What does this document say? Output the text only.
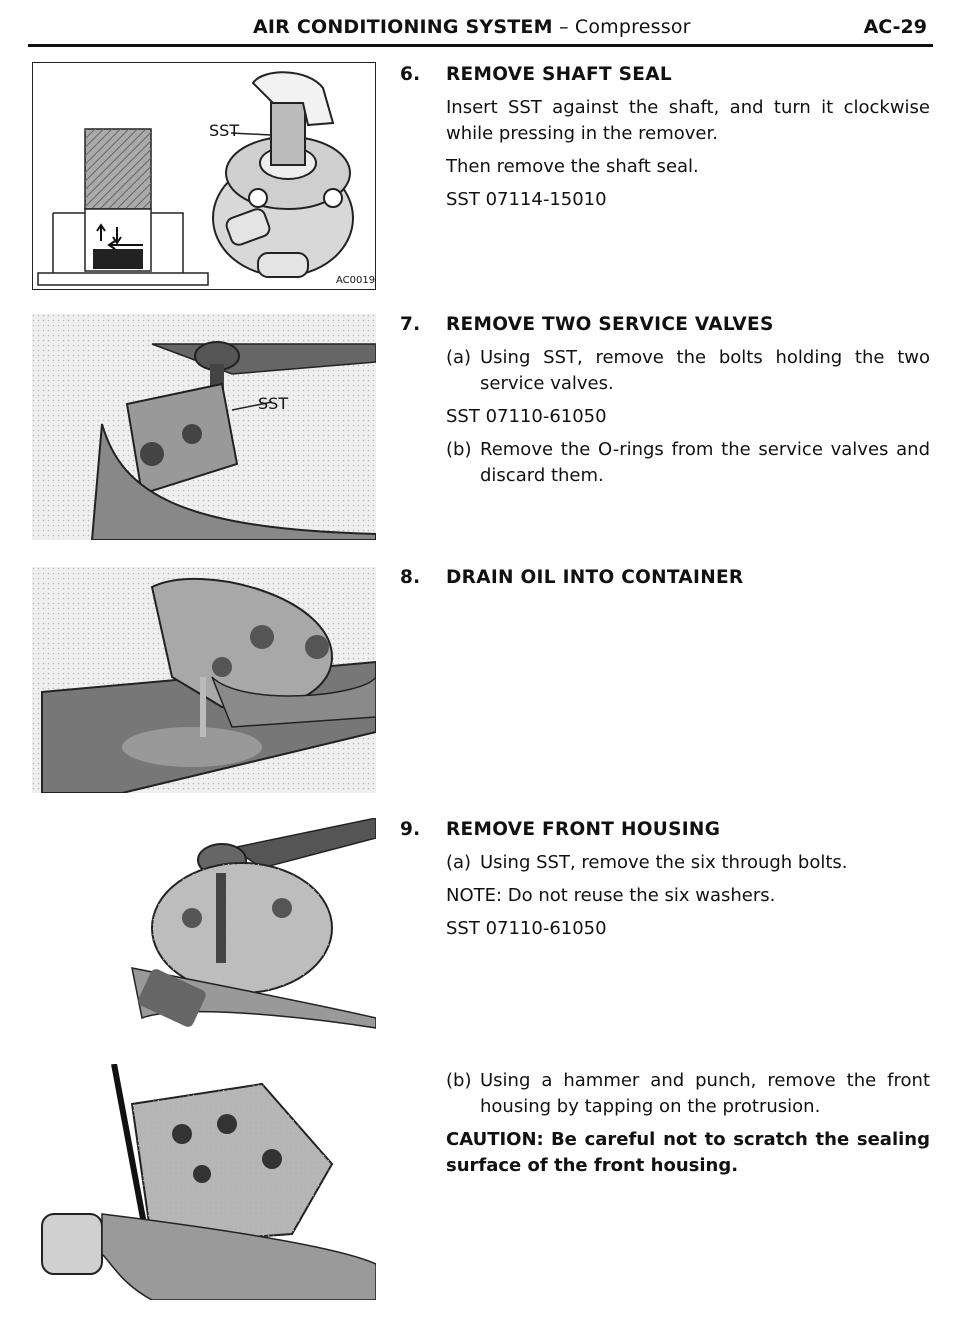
AIR CONDITIONING SYSTEM – Compressor	AC-29
SST
AC0019
SST
6.	REMOVE SHAFT SEAL

Insert SST against the shaft, and turn it clockwise while pressing in the remover.

Then remove the shaft seal.

SST 07114-15010

7.	REMOVE TWO SERVICE VALVES
(a) Using SST, remove the bolts holding the two service valves.

SST 07110-61050

(b) Remove the O-rings from the service valves and discard them.
8.	DRAIN OIL INTO CONTAINER
9.	REMOVE FRONT HOUSING
(a) Using SST, remove the six through bolts.

NOTE: Do not reuse the six washers.

SST 07110-61050

(b) Using a hammer and punch, remove the front housing by tapping on the protrusion.

CAUTION: Be careful not to scratch the sealing surface of the front housing.
